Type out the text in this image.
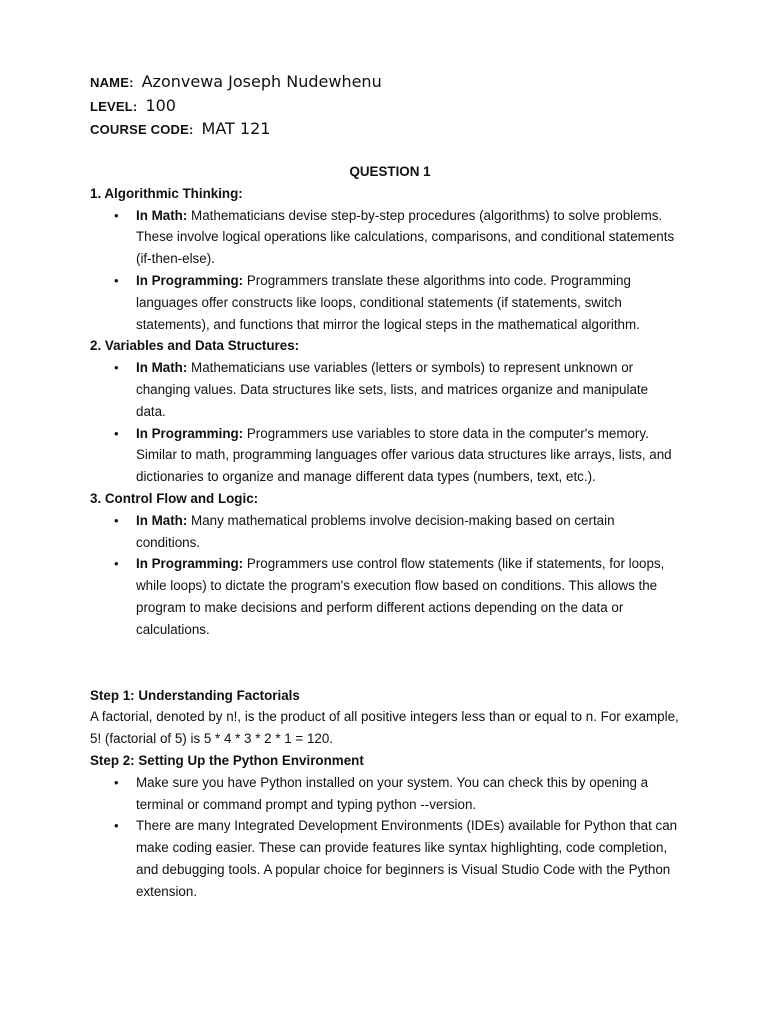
NAME: Azonvewa Joseph Nudewhenu
LEVEL: 100
COURSE CODE: MAT 121

QUESTION 1

1. Algorithmic Thinking:

• In Math: Mathematicians devise step-by-step procedures (algorithms) to solve problems. These involve logical operations like calculations, comparisons, and conditional statements (if-then-else).
• In Programming: Programmers translate these algorithms into code. Programming languages offer constructs like loops, conditional statements (if statements, switch statements), and functions that mirror the logical steps in the mathematical algorithm.

2. Variables and Data Structures:

• In Math: Mathematicians use variables (letters or symbols) to represent unknown or changing values. Data structures like sets, lists, and matrices organize and manipulate data.
• In Programming: Programmers use variables to store data in the computer's memory. Similar to math, programming languages offer various data structures like arrays, lists, and dictionaries to organize and manage different data types (numbers, text, etc.).

3. Control Flow and Logic:

• In Math: Many mathematical problems involve decision-making based on certain conditions.
• In Programming: Programmers use control flow statements (like if statements, for loops, while loops) to dictate the program's execution flow based on conditions. This allows the program to make decisions and perform different actions depending on the data or calculations.

Step 1: Understanding Factorials

A factorial, denoted by n!, is the product of all positive integers less than or equal to n. For example, 5! (factorial of 5) is 5 * 4 * 3 * 2 * 1 = 120.

Step 2: Setting Up the Python Environment

• Make sure you have Python installed on your system. You can check this by opening a terminal or command prompt and typing python --version.
• There are many Integrated Development Environments (IDEs) available for Python that can make coding easier. These can provide features like syntax highlighting, code completion, and debugging tools. A popular choice for beginners is Visual Studio Code with the Python extension.
